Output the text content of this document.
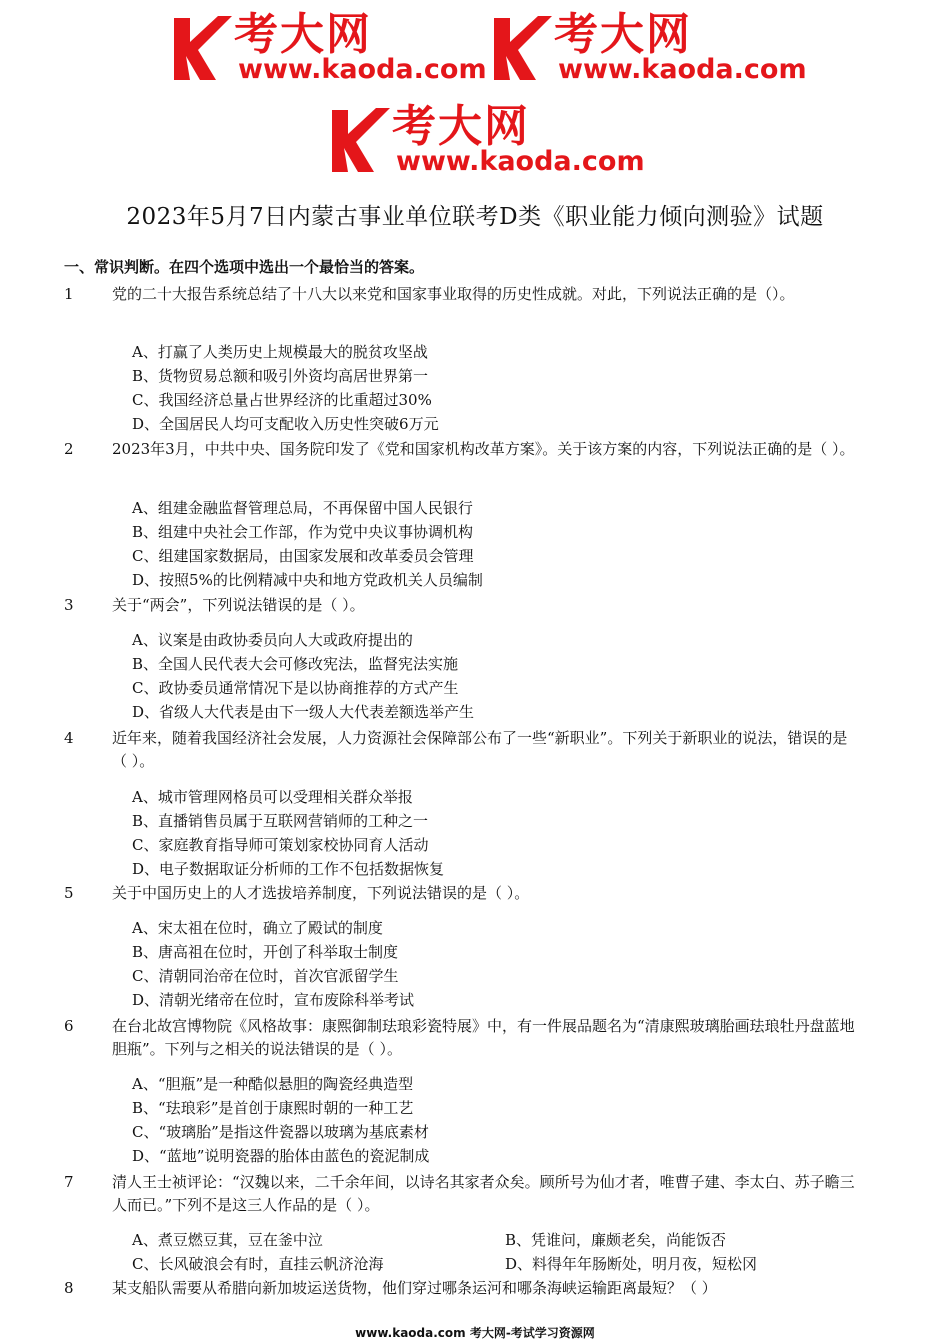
考大网
www.kaoda.com
考大网
www.kaoda.com
考大网
www.kaoda.com
2023年5月7日内蒙古事业单位联考D类《职业能力倾向测验》试题
一、常识判断。在四个选项中选出一个最恰当的答案。
1	党的二十大报告系统总结了十八大以来党和国家事业取得的历史性成就。对此，下列说法正确的是（）。
A、打赢了人类历史上规模最大的脱贫攻坚战
B、货物贸易总额和吸引外资均高居世界第一
C、我国经济总量占世界经济的比重超过30%
D、全国居民人均可支配收入历史性突破6万元
2	2023年3月，中共中央、国务院印发了《党和国家机构改革方案》。关于该方案的内容，下列说法正确的是（ ）。
A、组建金融监督管理总局，不再保留中国人民银行
B、组建中央社会工作部，作为党中央议事协调机构
C、组建国家数据局，由国家发展和改革委员会管理
D、按照5%的比例精减中央和地方党政机关人员编制
3	关于“两会”，下列说法错误的是（ ）。
A、议案是由政协委员向人大或政府提出的
B、全国人民代表大会可修改宪法，监督宪法实施
C、政协委员通常情况下是以协商推荐的方式产生
D、省级人大代表是由下一级人大代表差额选举产生
4	近年来，随着我国经济社会发展，人力资源社会保障部公布了一些“新职业”。下列关于新职业的说法，错误的是（ ）。
A、城市管理网格员可以受理相关群众举报
B、直播销售员属于互联网营销师的工种之一
C、家庭教育指导师可策划家校协同育人活动
D、电子数据取证分析师的工作不包括数据恢复
5	关于中国历史上的人才选拔培养制度，下列说法错误的是（ ）。
A、宋太祖在位时，确立了殿试的制度
B、唐高祖在位时，开创了科举取士制度
C、清朝同治帝在位时，首次官派留学生
D、清朝光绪帝在位时，宣布废除科举考试
6	在台北故宫博物院《风格故事：康熙御制珐琅彩瓷特展》中，有一件展品题名为“清康熙玻璃胎画珐琅牡丹盘蓝地胆瓶”。下列与之相关的说法错误的是（ ）。
A、“胆瓶”是一种酷似悬胆的陶瓷经典造型
B、“珐琅彩”是首创于康熙时朝的一种工艺
C、“玻璃胎”是指这件瓷器以玻璃为基底素材
D、“蓝地”说明瓷器的胎体由蓝色的瓷泥制成
7	清人王士祯评论：“汉魏以来，二千余年间，以诗名其家者众矣。顾所号为仙才者，唯曹子建、李太白、苏子瞻三人而已。”下列不是这三人作品的是（ ）。
A、煮豆燃豆萁，豆在釜中泣	B、凭谁问，廉颇老矣，尚能饭否
C、长风破浪会有时，直挂云帆济沧海	D、料得年年肠断处，明月夜，短松冈
8	某支船队需要从希腊向新加坡运送货物，他们穿过哪条运河和哪条海峡运输距离最短？（ ）
www.kaoda.com 考大网-考试学习资源网
